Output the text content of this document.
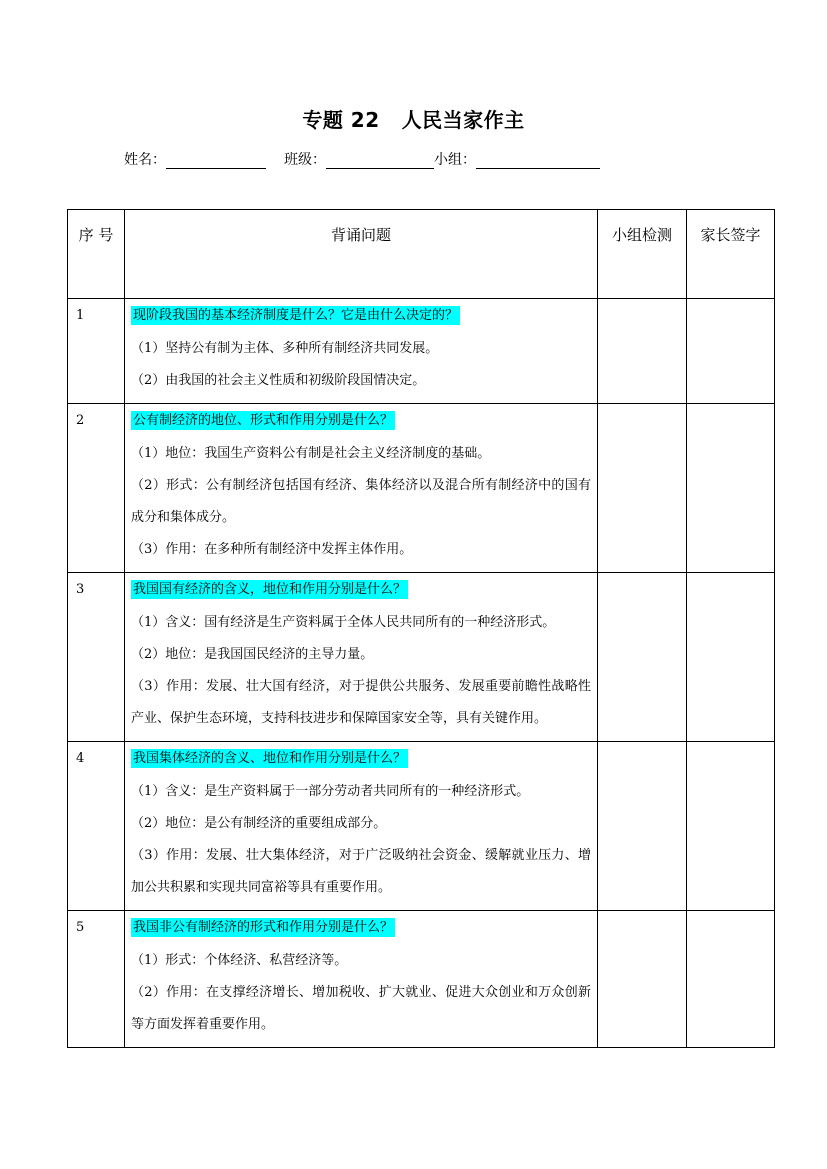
专题 22 人民当家作主
姓名：	班级：	小组：
序 号	背诵问题	小组检测	家长签字
1	现阶段我国的基本经济制度是什么？它是由什么决定的？
（1）坚持公有制为主体、多种所有制经济共同发展。
（2）由我国的社会主义性质和初级阶段国情决定。		

2	公有制经济的地位、形式和作用分别是什么？
（1）地位：我国生产资料公有制是社会主义经济制度的基础。
（2）形式：公有制经济包括国有经济、集体经济以及混合所有制经济中的国有成分和集体成分。
（3）作用：在多种所有制经济中发挥主体作用。		

3	我国国有经济的含义，地位和作用分别是什么？
（1）含义：国有经济是生产资料属于全体人民共同所有的一种经济形式。
（2）地位：是我国国民经济的主导力量。
（3）作用：发展、壮大国有经济，对于提供公共服务、发展重要前瞻性战略性产业、保护生态环境，支持科技进步和保障国家安全等，具有关键作用。		

4	我国集体经济的含义、地位和作用分别是什么？
（1）含义：是生产资料属于一部分劳动者共同所有的一种经济形式。
（2）地位：是公有制经济的重要组成部分。
（3）作用：发展、壮大集体经济，对于广泛吸纳社会资金、缓解就业压力、增加公共积累和实现共同富裕等具有重要作用。		

5	我国非公有制经济的形式和作用分别是什么？
（1）形式：个体经济、私营经济等。
（2）作用：在支撑经济增长、增加税收、扩大就业、促进大众创业和万众创新等方面发挥着重要作用。		
